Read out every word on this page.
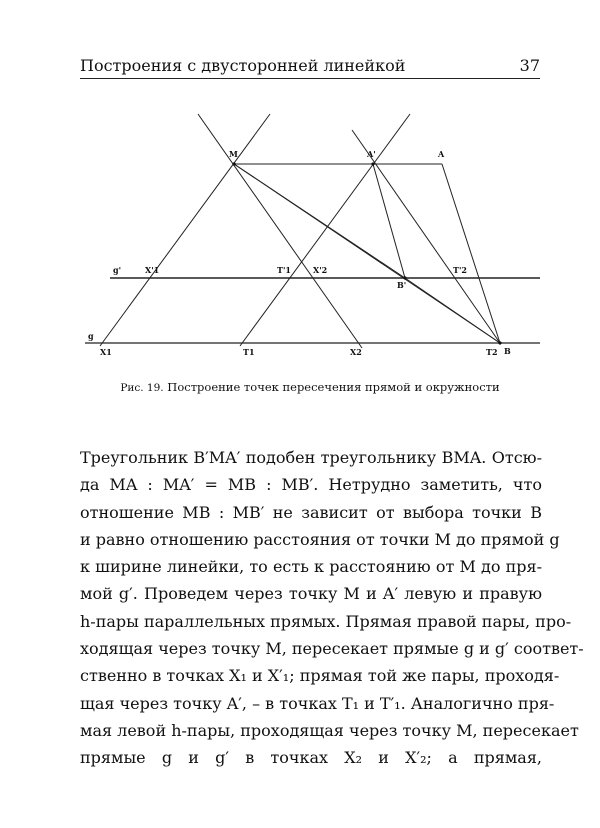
Построения с двусторонней линейкой	37
M	A'	A
g'	X'1	T'1	X'2
B'
T'2
g
X1	T1	X2	T2 B
Рис. 19. Построение точек пересечения прямой и окружности
Треугольник B′MA′ подобен треугольнику BMA. Отсю-
да MA : MA′ = MB : MB′. Нетрудно заметить, что
отношение MB : MB′ не зависит от выбора точки B
и равно отношению расстояния от точки M до прямой g
к ширине линейки, то есть к расстоянию от M до пря-
мой g′. Проведем через точку M и A′ левую и правую
h-пары параллельных прямых. Прямая правой пары, про-
ходящая через точку M, пересекает прямые g и g′ соответ-
ственно в точках X₁ и X′₁; прямая той же пары, проходя-
щая через точку A′, – в точках T₁ и T′₁. Аналогично пря-
мая левой h-пары, проходящая через точку M, пересекает
прямые g и g′ в точках X₂ и X′₂; а прямая,
